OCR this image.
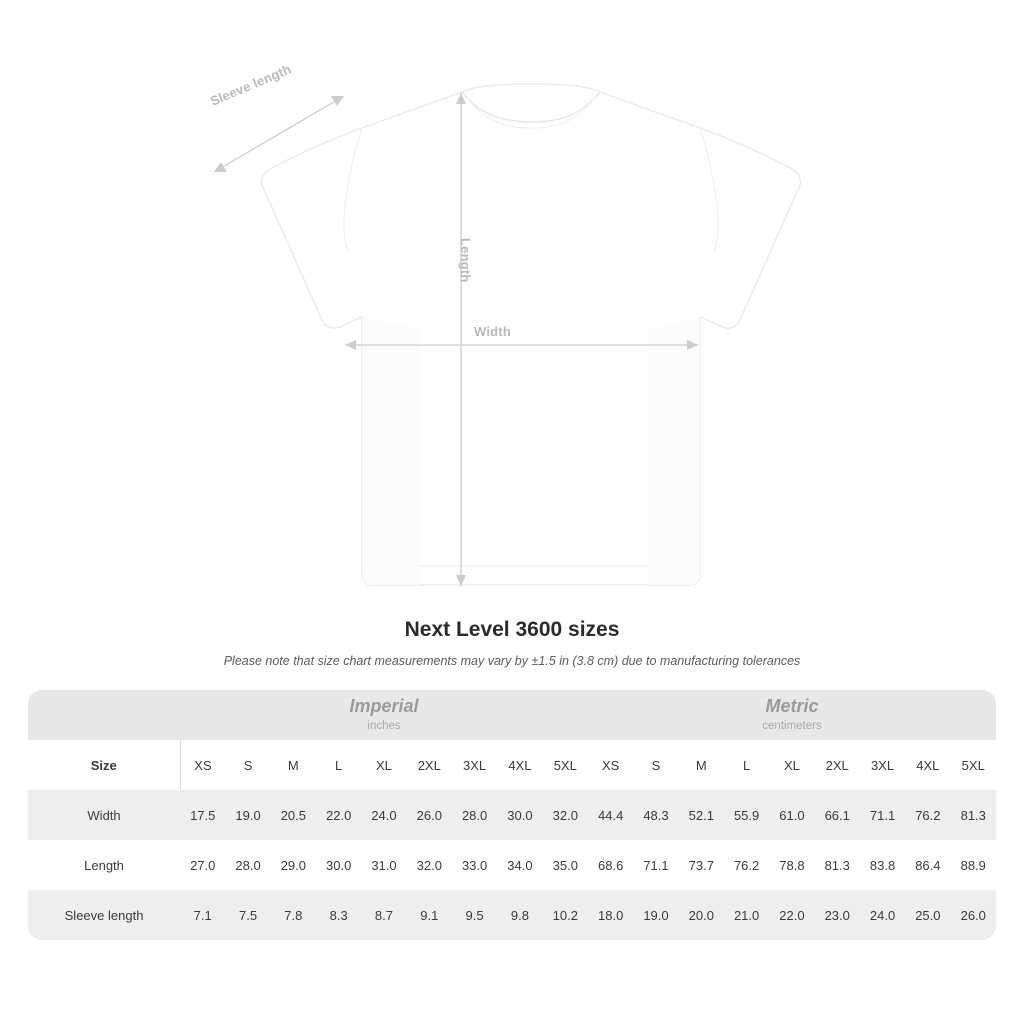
Width
Length
Sleeve length
Next Level 3600 sizes
Please note that size chart measurements may vary by ±1.5 in (3.8 cm) due to manufacturing tolerances

Imperial
inches

Metric
centimeters

Size	XS	S	M	L	XL	2XL	3XL	4XL	5XL	XS	S	M	L	XL	2XL	3XL	4XL	5XL
Width	17.5	19.0	20.5	22.0	24.0	26.0	28.0	30.0	32.0	44.4	48.3	52.1	55.9	61.0	66.1	71.1	76.2	81.3
Length	27.0	28.0	29.0	30.0	31.0	32.0	33.0	34.0	35.0	68.6	71.1	73.7	76.2	78.8	81.3	83.8	86.4	88.9
Sleeve length	7.1	7.5	7.8	8.3	8.7	9.1	9.5	9.8	10.2	18.0	19.0	20.0	21.0	22.0	23.0	24.0	25.0	26.0
